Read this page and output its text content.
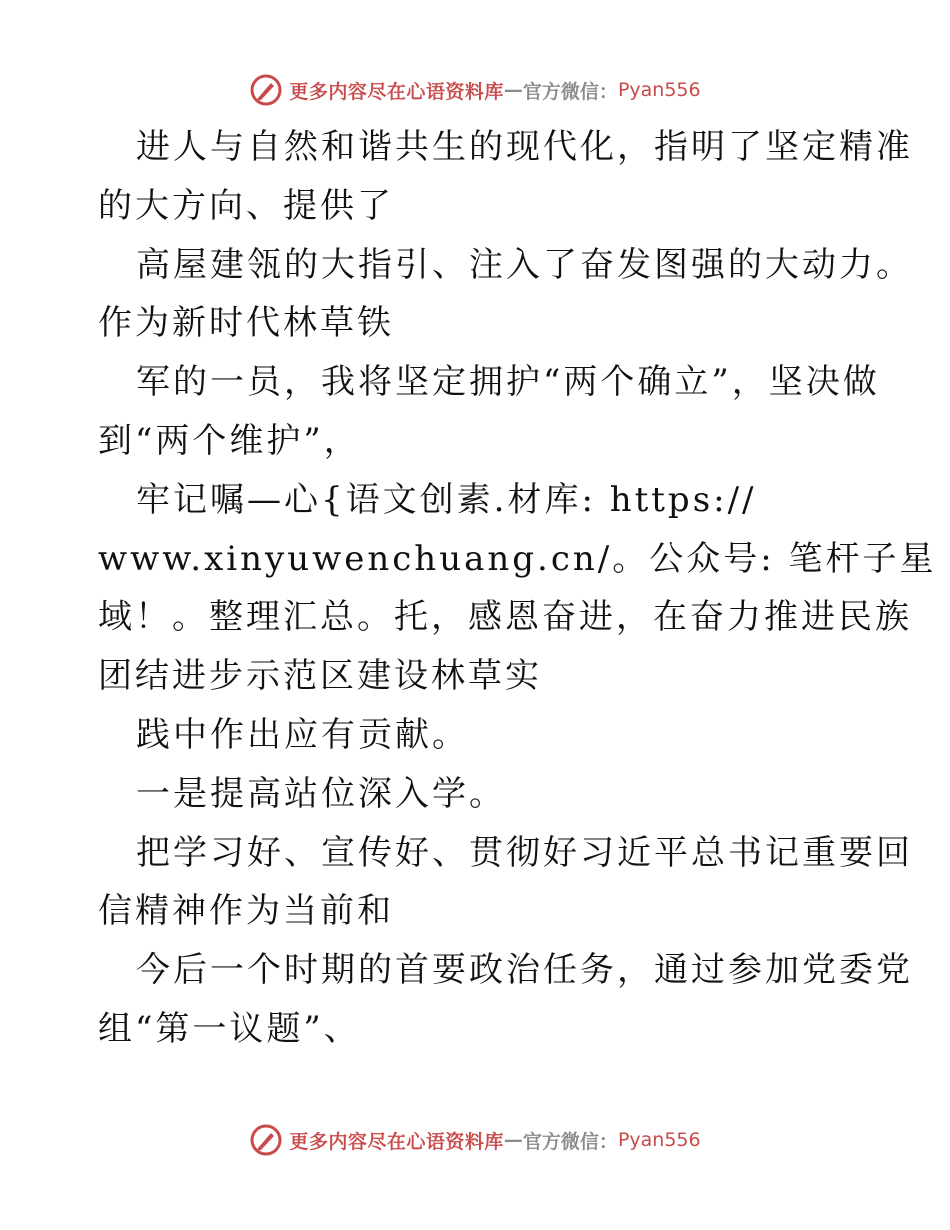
更多内容尽在心语资料库 — 官方微信： Pyan556
进人与自然和谐共生的现代化，指明了坚定精准
的大方向、提供了
高屋建瓴的大指引、注入了奋发图强的大动力。
作为新时代林草铁
军的一员，我将坚定拥护“两个确立”，坚决做
到“两个维护”，
牢记嘱—心{语文创素.材库: https://
www.xinyuwenchuang.cn/。公众号: 笔杆子星
域！。整理汇总。托，感恩奋进，在奋力推进民族
团结进步示范区建设林草实
践中作出应有贡献。
一是提高站位深入学。
把学习好、宣传好、贯彻好习近平总书记重要回
信精神作为当前和
今后一个时期的首要政治任务，通过参加党委党
组“第一议题”、
更多内容尽在心语资料库 — 官方微信： Pyan556
